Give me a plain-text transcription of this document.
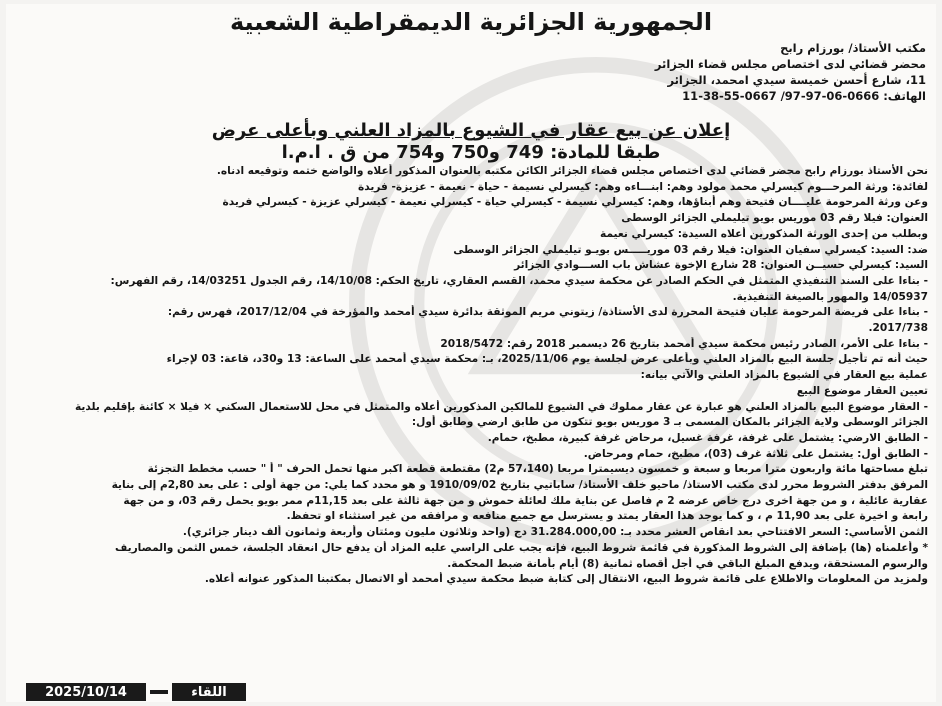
الجمهورية الجزائرية الديمقراطية الشعبية
مكتب الأستاذ/ بورزام رابح
محضر قضائي لدى اختصاص مجلس قضاء الجزائر
11، شارع أحسن خميسة سيدي امحمد، الجزائر
الهاتف: 0666-06-97-97/ 0667-55-38-11
إعلان عن بيع عقار في الشيوع بالمزاد العلني وبأعلى عرض
طبقا للمادة: 749 و750 و754 من ق . ا.م.ا
نحن الأستاذ بورزام رابح محضر قضائي لدى اختصاص مجلس قضاء الجزائر الكائن مكتبه بالعنوان المذكور أعلاه والواضع ختمه وتوقيعه ادناه.
لفائدة: ورثة المرحـــوم كيسرلي محمد مولود وهم: ابنـــاءه وهم: كيسرلي نسيمة - حياة - نعيمة - عزيزة- فريدة
وعن ورثة المرحومة عليــــان فتيحة وهم أبناؤها، وهم: كيسرلي نسيمة - كيسرلي حياة - كيسرلي نعيمة - كيسرلي عزيزة - كيسرلي فريدة
العنوان: فيلا رقم 03 موريس بويو تيليملي الجزائر الوسطى
وبطلب من إحدى الورثة المذكورين أعلاه السيدة: كيسرلي نعيمة
ضد: السيد: كيسرلي سفيان العنوان: فيلا رقم 03 موريـــــس بويـو تيليملي الجزائر الوسطى
السيد: كيسرلي حسيــن العنوان: 28 شارع الإخوة عشاش باب الســـوادي الجزائر
- بناءا على السند التنفيذي المتمثل في الحكم الصادر عن محكمة سيدي محمد، القسم العقاري، تاريخ الحكم: 14/10/08، رقم الجدول 14/03251، رقم الفهرس:
14/05937 والمهور بالصيغة التنفيذية.
- بناءا على فريضة المرحومة عليان فتيحة المحررة لدى الأستاذة/ زيتوني مريم الموثقة بدائرة سيدي أمحمد والمؤرخة في 2017/12/04، فهرس رقم:
2017/738.
- بناءا على الأمر، الصادر رئيس محكمة سيدي أمحمد بتاريخ 26 ديسمبر 2018 رقم: 2018/5472
حيث أنه تم تأجيل جلسة البيع بالمزاد العلني وبأعلى عرض لجلسة يوم 2025/11/06، بـ: محكمة سيدي أمحمد على الساعة: 13 و30د، قاعة: 03 لإجراء
عملية بيع العقار في الشيوع بالمزاد العلني والآتي بيانه:
تعيين العقار موضوع البيع
- العقار موضوع البيع بالمزاد العلني هو عبارة عن عقار مملوك في الشيوع للمالكين المذكورين أعلاه والمتمثل في محل للاستعمال السكني × فيلا × كائنة بإقليم بلدية
الجزائر الوسطى ولاية الجزائر بالمكان المسمى بـ 3 موريس بويو تتكون من طابق ارضي وطابق أول:
- الطابق الارضي: يشتمل على غرفة، غرفة غسيل، مرحاض غرفة كبيرة، مطبخ، حمام.
- الطابق أول: يشتمل على ثلاثة غرف (03)، مطبخ، حمام ومرحاض.
تبلغ مساحتها مائة واربعون مترا مربعا و سبعة و خمسون ديسيمترا مربعا (57،140 م2) مقتطعة قطعة اكبر منها تحمل الحرف " أ " حسب مخطط التجزئة
المرفق بدفتر الشروط محرر لدى مكتب الاستاذ/ ماحيو خلف الأستاذ/ ساباتيي بتاريخ 1910/09/02 و هو محدد كما يلي: من جهة أولى : على بعد 2,80م إلى بناية
عقارية عائلية ، و من جهة اخرى درج خاص عرضه 2 م فاصل عن بناية ملك لعائلة حموش و من جهة ثالثة على بعد 11,15م ممر بويو يحمل رقم 03، و من جهة
رابعة و اخيرة على بعد 11,90 م ، و كما يوجد هذا العقار يمتد و يسترسل مع جميع منافعه و مرافقه من غير استثناء او تحفظ.
الثمن الأساسي: السعر الافتتاحي بعد انقاص العشر محدد بـ: 31.284.000,00 دج (واحد وثلاثون مليون ومئتان وأربعة وثمانون ألف دينار جزائري).
* وأعلمناه (ها) بإضافة إلى الشروط المذكورة في قائمة شروط البيع، فإنه يجب على الراسي عليه المزاد أن يدفع حال انعقاد الجلسة، خمس الثمن والمصاريف
والرسوم المستحقة، ويدفع المبلغ الباقي في أجل أقصاه ثمانية (8) أيام بأمانة ضبط المحكمة.
ولمزيد من المعلومات والاطلاع على قائمة شروط البيع، الانتقال إلى كتابة ضبط محكمة سيدي أمحمد أو الاتصال بمكتبنا المذكور عنوانه أعلاه.
2025/10/14	اللقاء
